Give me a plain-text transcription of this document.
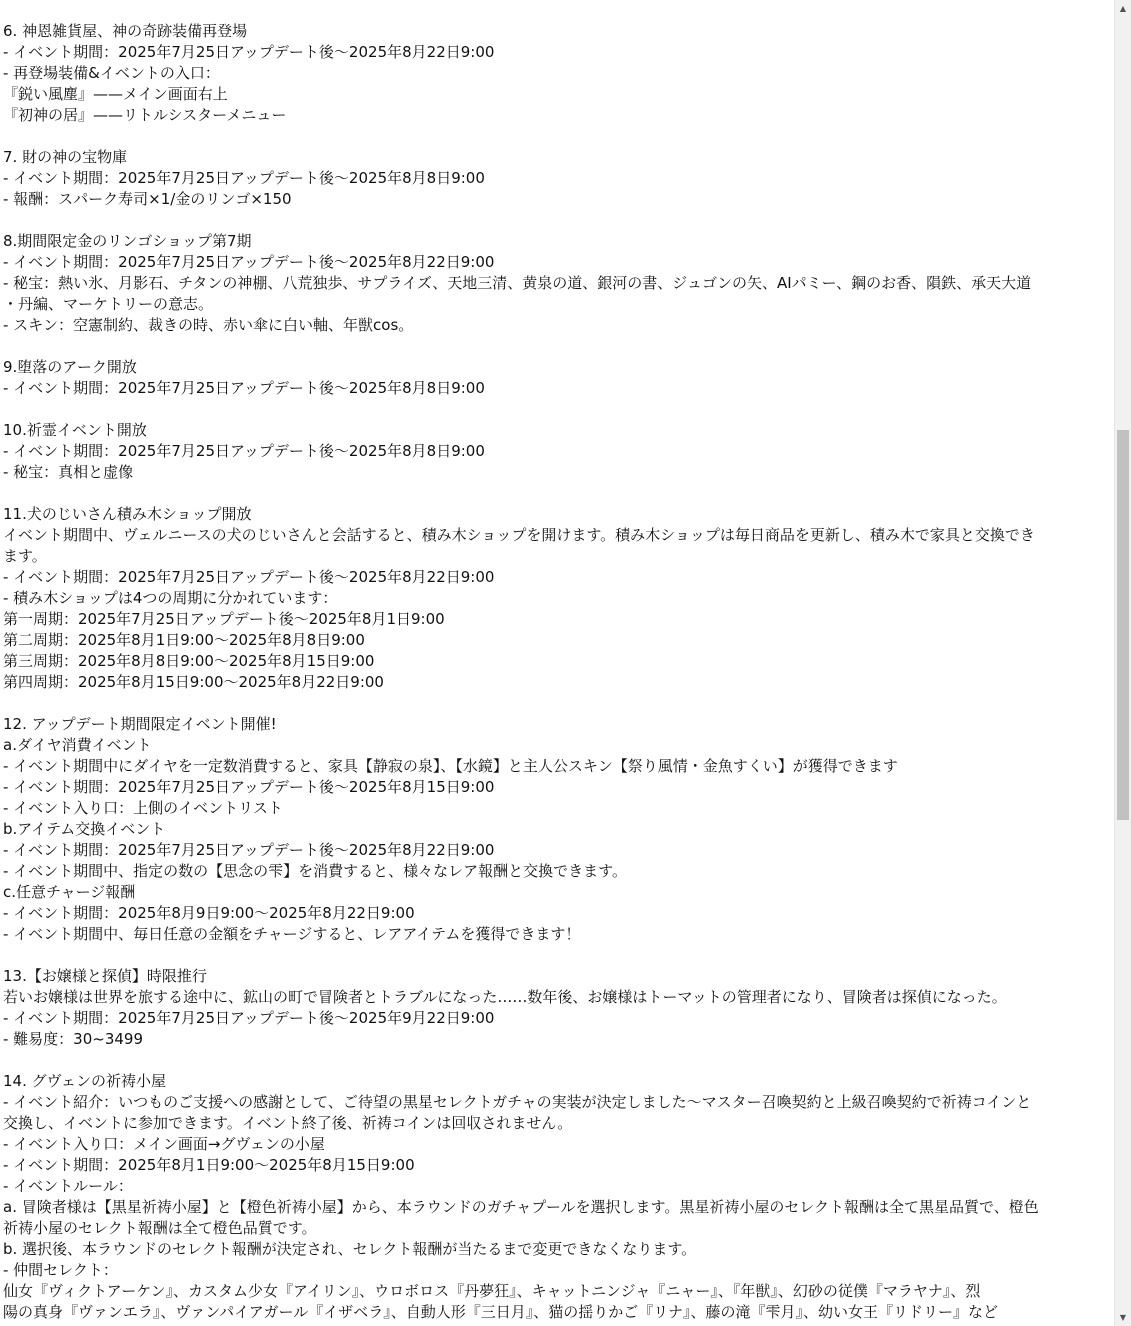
6. 神恩雑貨屋、神の奇跡装備再登場
- イベント期間：2025年7月25日アップデート後～2025年8月22日9:00
- 再登場装備&イベントの入口：
『鋭い風塵』——メイン画面右上
『初神の居』——リトルシスターメニュー
7. 財の神の宝物庫
- イベント期間：2025年7月25日アップデート後～2025年8月8日9:00
- 報酬：スパーク寿司×1/金のリンゴ×150
8.期間限定金のリンゴショップ第7期
- イベント期間：2025年7月25日アップデート後～2025年8月22日9:00
- 秘宝：熱い氷、月影石、チタンの神棚、八荒独歩、サプライズ、天地三清、黄泉の道、銀河の書、ジュゴンの矢、AIパミー、鋼のお香、隕鉄、承天大道
・丹編、マーケトリーの意志。
- スキン：空憲制約、裁きの時、赤い傘に白い軸、年獣cos。
9.堕落のアーク開放
- イベント期間：2025年7月25日アップデート後～2025年8月8日9:00
10.祈霊イベント開放
- イベント期間：2025年7月25日アップデート後～2025年8月8日9:00
- 秘宝：真相と虚像
11.犬のじいさん積み木ショップ開放
イベント期間中、ヴェルニースの犬のじいさんと会話すると、積み木ショップを開けます。積み木ショップは毎日商品を更新し、積み木で家具と交換でき
ます。
- イベント期間：2025年7月25日アップデート後～2025年8月22日9:00
- 積み木ショップは4つの周期に分かれています：
第一周期：2025年7月25日アップデート後～2025年8月1日9:00
第二周期：2025年8月1日9:00～2025年8月8日9:00
第三周期：2025年8月8日9:00～2025年8月15日9:00
第四周期：2025年8月15日9:00～2025年8月22日9:00
12. アップデート期間限定イベント開催!
a.ダイヤ消費イベント
- イベント期間中にダイヤを一定数消費すると、家具【静寂の泉】、【水鏡】と主人公スキン【祭り風情・金魚すくい】が獲得できます
- イベント期間：2025年7月25日アップデート後～2025年8月15日9:00
- イベント入り口：上側のイベントリスト
b.アイテム交換イベント
- イベント期間：2025年7月25日アップデート後～2025年8月22日9:00
- イベント期間中、指定の数の【思念の雫】を消費すると、様々なレア報酬と交換できます。
c.任意チャージ報酬
- イベント期間：2025年8月9日9:00～2025年8月22日9:00
- イベント期間中、毎日任意の金額をチャージすると、レアアイテムを獲得できます！
13.【お嬢様と探偵】時限推行
若いお嬢様は世界を旅する途中に、鉱山の町で冒険者とトラブルになった……数年後、お嬢様はトーマットの管理者になり、冒険者は探偵になった。
- イベント期間：2025年7月25日アップデート後～2025年9月22日9:00
- 難易度：30~3499
14. グヴェンの祈祷小屋
- イベント紹介：いつものご支援への感謝として、ご待望の黒星セレクトガチャの実装が決定しました～マスター召喚契約と上級召喚契約で祈祷コインと
交換し、イベントに参加できます。イベント終了後、祈祷コインは回収されません。
- イベント入り口：メイン画面→グヴェンの小屋
- イベント期間：2025年8月1日9:00～2025年8月15日9:00
- イベントルール：
a. 冒険者様は【黒星祈祷小屋】と【橙色祈祷小屋】から、本ラウンドのガチャプールを選択します。黒星祈祷小屋のセレクト報酬は全て黒星品質で、橙色
祈祷小屋のセレクト報酬は全て橙色品質です。
b. 選択後、本ラウンドのセレクト報酬が決定され、セレクト報酬が当たるまで変更できなくなります。
- 仲間セレクト：
仙女『ヴィクトアーケン』、カスタム少女『アイリン』、ウロボロス『丹夢狂』、キャットニンジャ『ニャー』、『年獣』、幻砂の従僕『マラヤナ』、烈
陽の真身『ヴァンエラ』、ヴァンパイアガール『イザベラ』、自動人形『三日月』、猫の揺りかご『リナ』、藤の滝『雫月』、幼い女王『リドリー』など
▲
▼
